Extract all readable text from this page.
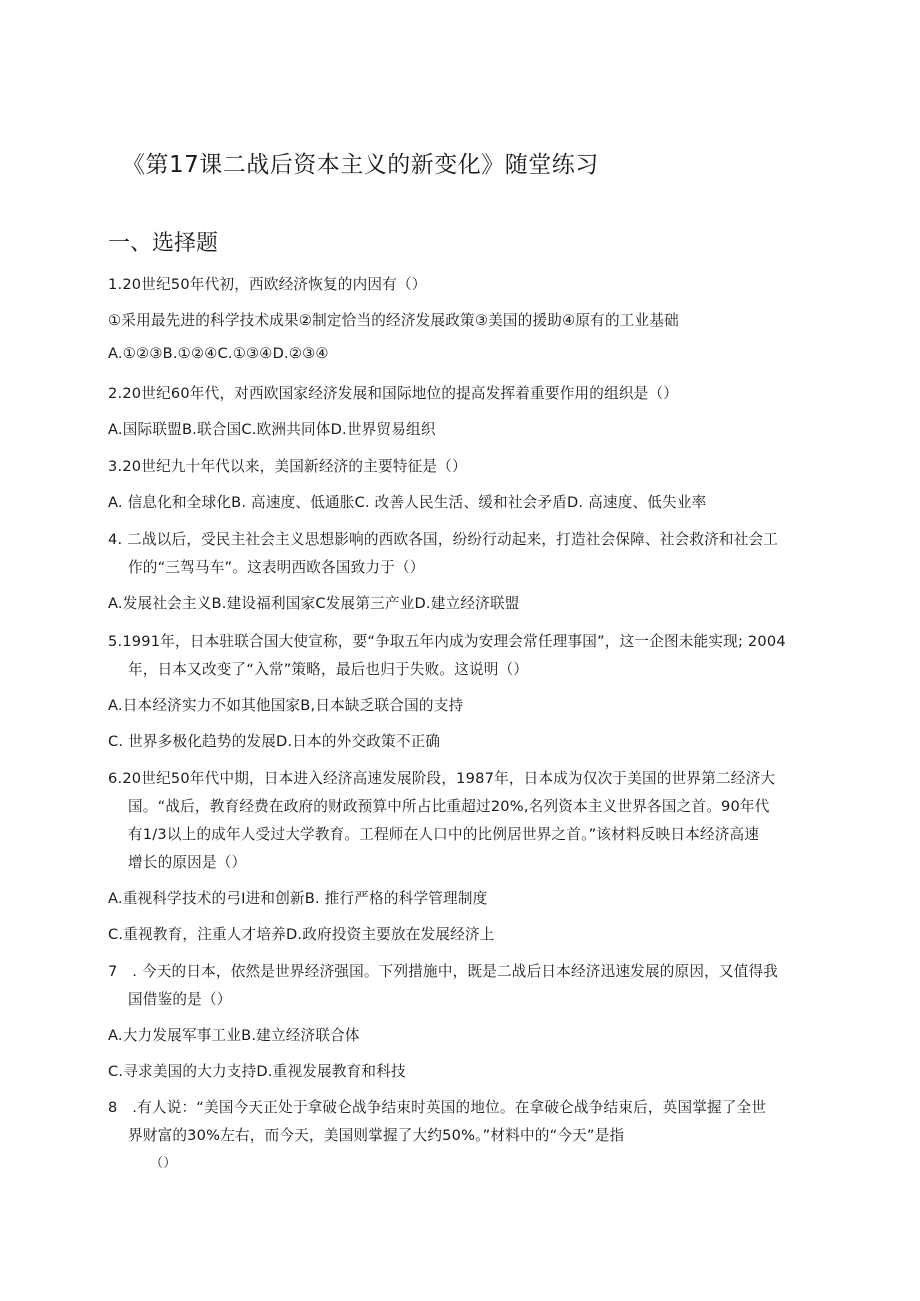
《第17课二战后资本主义的新变化》随堂练习
一、选择题
1.20世纪50年代初，西欧经济恢复的内因有（）
①采用最先进的科学技术成果②制定恰当的经济发展政策③美国的援助④原有的工业基础
A.①②③B.①②④C.①③④D.②③④
2.20世纪60年代，对西欧国家经济发展和国际地位的提高发挥着重要作用的组织是（）
A.国际联盟B.联合国C.欧洲共同体D.世界贸易组织
3.20世纪九十年代以来，美国新经济的主要特征是（）
A. 信息化和全球化B. 高速度、低通胀C. 改善人民生活、缓和社会矛盾D. 高速度、低失业率
4. 二战以后，受民主社会主义思想影响的西欧各国，纷纷行动起来，打造社会保障、社会救济和社会工
作的“三驾马车”。这表明西欧各国致力于（）
A.发展社会主义B.建设福利国家C发展第三产业D.建立经济联盟
5.1991年，日本驻联合国大使宣称，要“争取五年内成为安理会常任理事国”，这一企图未能实现; 2004
年，日本又改变了“入常”策略，最后也归于失败。这说明（）
A.日本经济实力不如其他国家B,日本缺乏联合国的支持
C. 世界多极化趋势的发展D.日本的外交政策不正确
6.20世纪50年代中期，日本进入经济高速发展阶段，1987年，日本成为仅次于美国的世界第二经济大
国。“战后，教育经费在政府的财政预算中所占比重超过20%,名列资本主义世界各国之首。90年代
有1/3以上的成年人受过大学教育。工程师在人口中的比例居世界之首。”该材料反映日本经济高速
增长的原因是（）
A.重视科学技术的弓I进和创新B. 推行严格的科学管理制度
C.重视教育，注重人才培养D.政府投资主要放在发展经济上
7　. 今天的日本，依然是世界经济强国。下列措施中，既是二战后日本经济迅速发展的原因，又值得我
国借鉴的是（）
A.大力发展军事工业B.建立经济联合体
C.寻求美国的大力支持D.重视发展教育和科技
8　.有人说：“美国今天正处于拿破仑战争结束时英国的地位。在拿破仑战争结束后，英国掌握了全世
界财富的30%左右，而今天，美国则掌握了大约50%。”材料中的“今天”是指
（）
